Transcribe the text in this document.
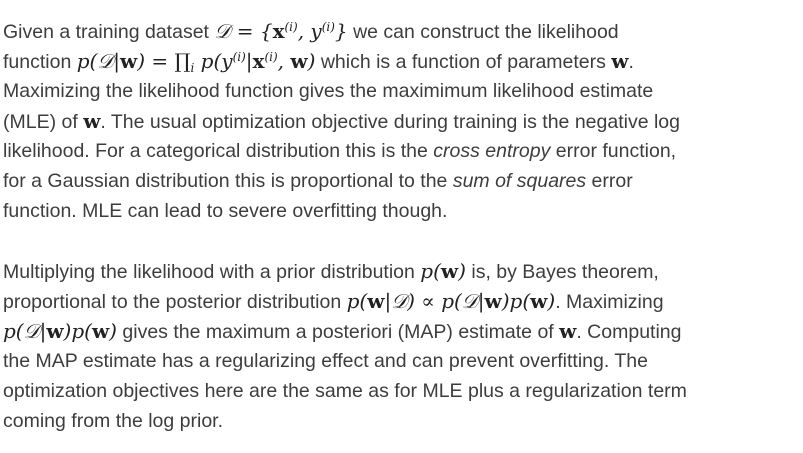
Given a training dataset 𝒟 = {$x^{(i)}$, $y^{(i)}$} we can construct the likelihood
function p(𝒟|w) = $\prod_i$ $p(y^{(i)}|x^{(i)}$, w) which is a function of parameters w.
Maximizing the likelihood function gives the maximimum likelihood estimate
(MLE) of w. The usual optimization objective during training is the negative log
likelihood. For a categorical distribution this is the cross entropy error function,
for a Gaussian distribution this is proportional to the sum of squares error
function. MLE can lead to severe overfitting though.

Multiplying the likelihood with a prior distribution p(w) is, by Bayes theorem,
proportional to the posterior distribution p(w|𝒟) ∝ p(𝒟|w)p(w). Maximizing
p(𝒟|w)p(w) gives the maximum a posteriori (MAP) estimate of w. Computing
the MAP estimate has a regularizing effect and can prevent overfitting. The
optimization objectives here are the same as for MLE plus a regularization term
coming from the log prior.
